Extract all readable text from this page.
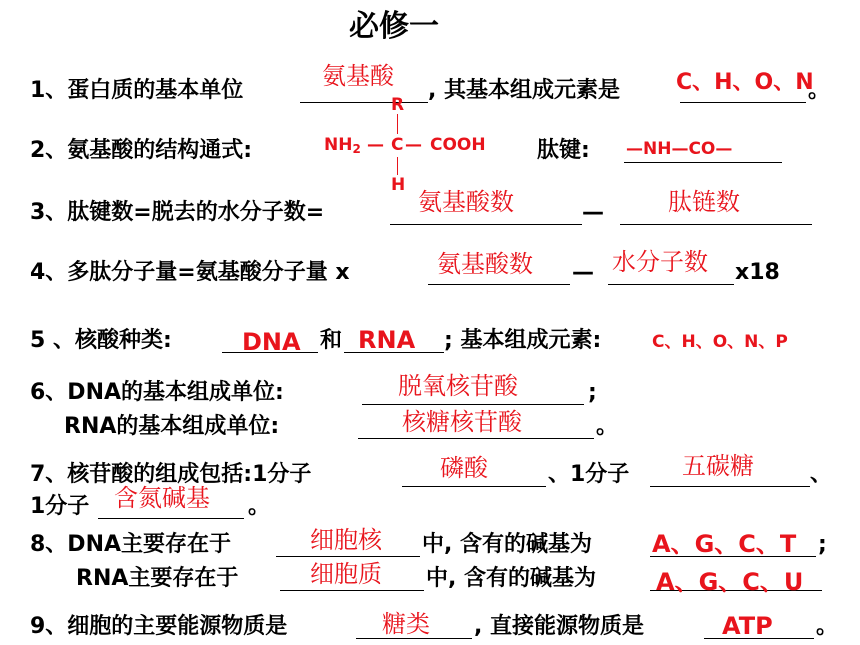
必修一
1、蛋白质的基本单位
氨基酸
, 其基本组成元素是	C、H、O、N
。
2、氨基酸的结构通式:
R
$NH_2$ — C — COOH
H
肽键: —NH—CO—
3、肽键数=脱去的水分子数=	氨基酸数	—	肽链数
4、多肽分子量=氨基酸分子量 x	氨基酸数 — 水分子数 x18
5 、核酸种类:	DNA 和 RNA ; 基本组成元素:	C、H、O、N、P
6、DNA的基本组成单位:	脱氧核苷酸	;
RNA的基本组成单位:	核糖核苷酸	。
7、核苷酸的组成包括:1分子	磷酸	、1分子 五碳糖	、
1分子 含氮碱基 。
8、DNA主要存在于	细胞核 中, 含有的碱基为 A、G、C、T ;
RNA主要存在于	细胞质 中, 含有的碱基为 A、G、C、U
9、细胞的主要能源物质是	糖类 , 直接能源物质是	ATP 。
